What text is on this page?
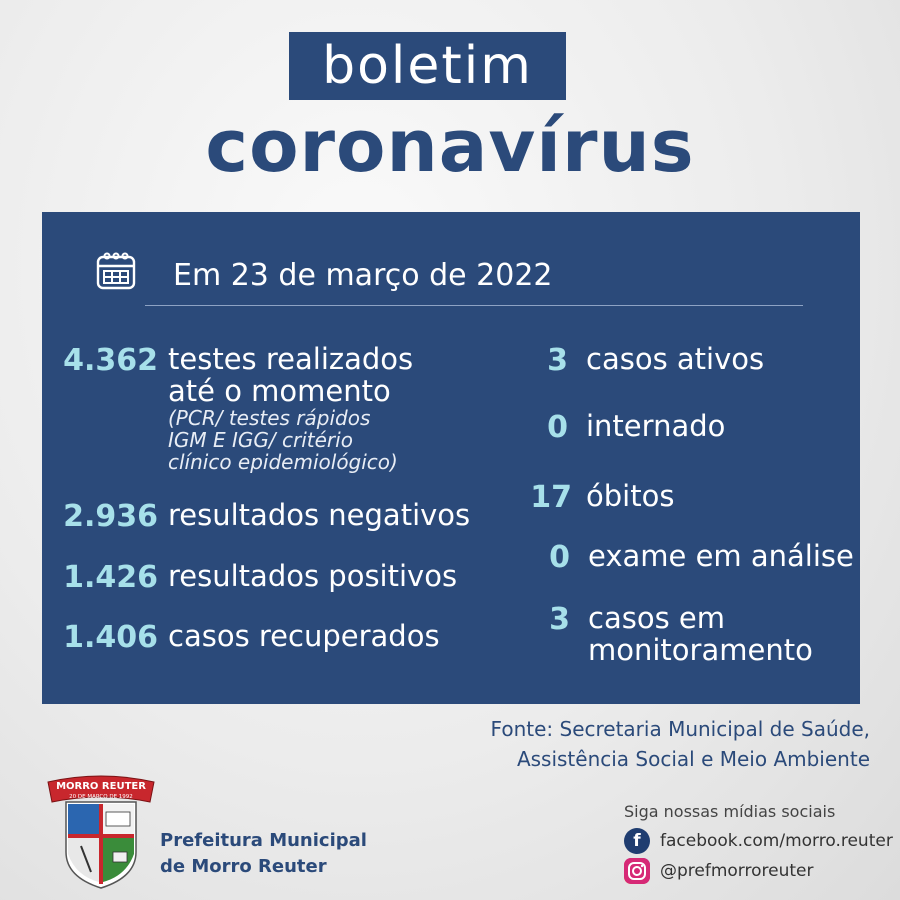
boletim
coronavírus
Em 23 de março de 2022
4.362 testes realizados
até o momento
(PCR/ testes rápidos
IGM E IGG/ critério
clínico epidemiológico)
2.936 resultados negativos
1.426 resultados positivos
1.406 casos recuperados
3 casos ativos
0 internado
17 óbitos
0 exame em análise
3 casos em
monitoramento
Fonte: Secretaria Municipal de Saúde,
Assistência Social e Meio Ambiente
MORRO REUTER
20 DE MARÇO DE 1992
Prefeitura Municipal
de Morro Reuter
Siga nossas mídias sociais
f	facebook.com/morro.reuter
@prefmorroreuter
